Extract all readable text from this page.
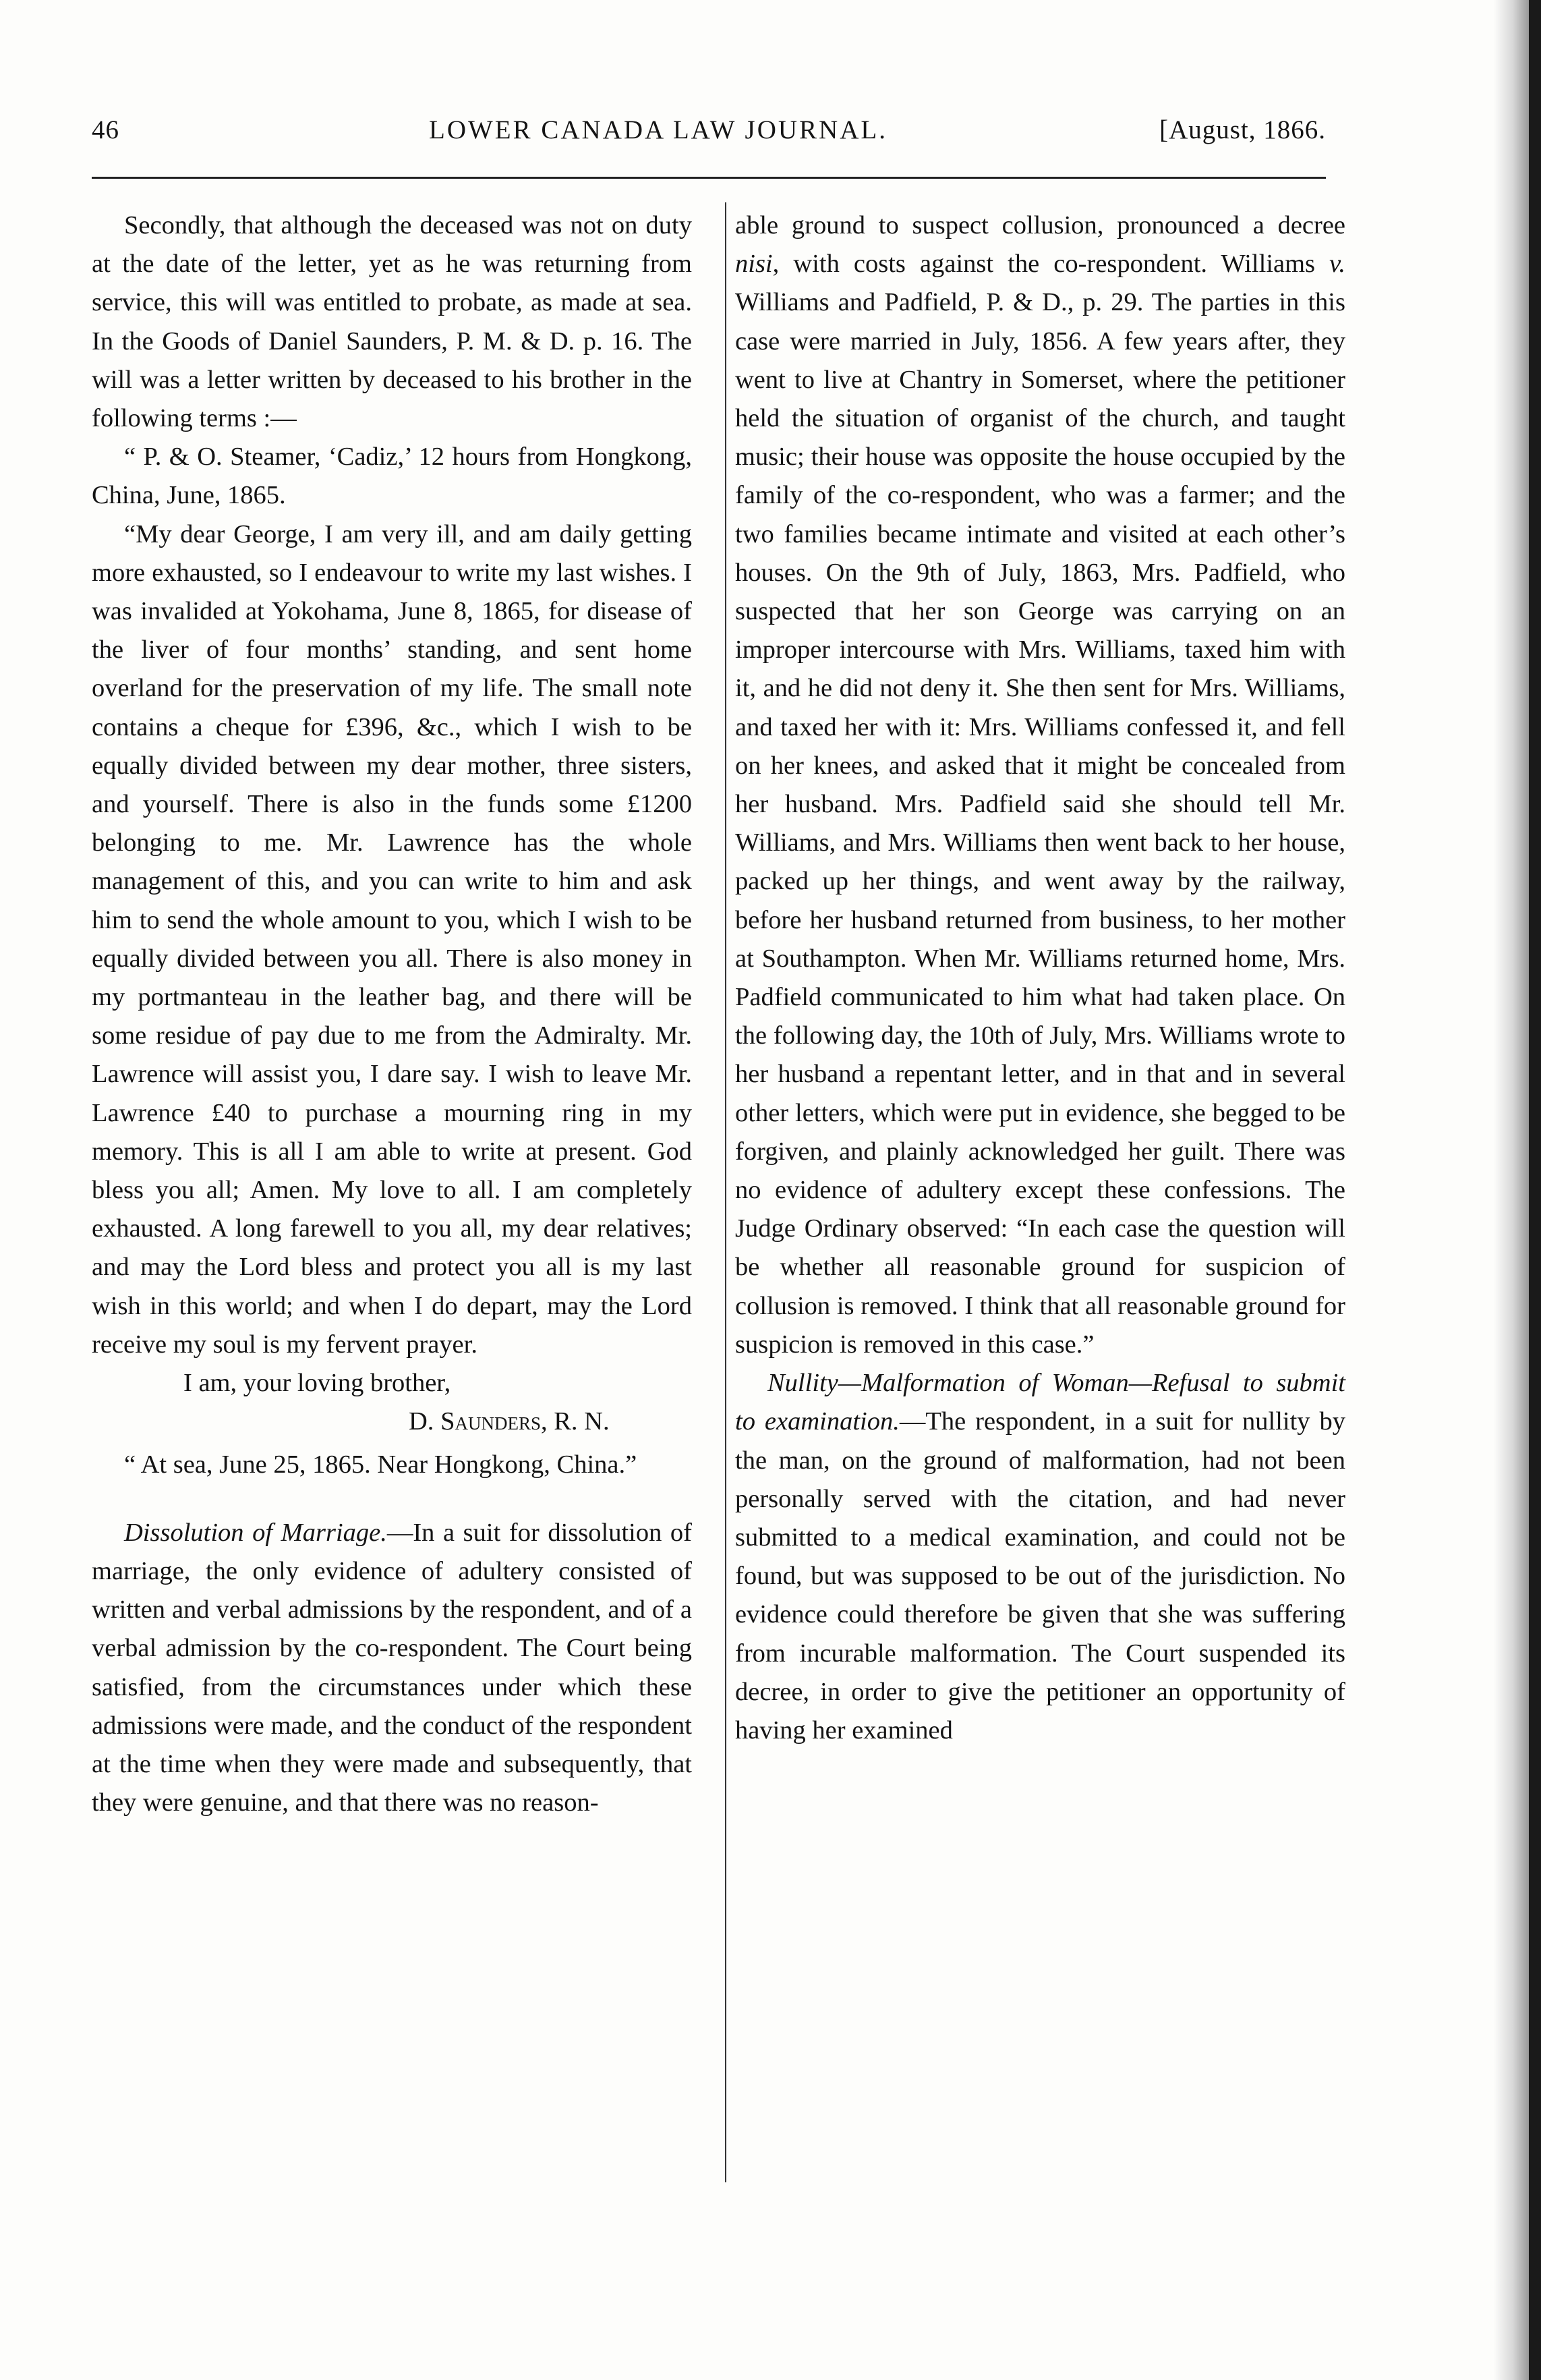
46	LOWER CANADA LAW JOURNAL.	[August, 1866.

Secondly, that although the deceased was not on duty at the date of the letter, yet as he was returning from service, this will was entitled to probate, as made at sea. In the Goods of Daniel Saunders, P. M. & D. p. 16. The will was a letter written by deceased to his brother in the following terms :—

“ P. & O. Steamer, ‘Cadiz,’ 12 hours from Hongkong, China, June, 1865.

“My dear George, I am very ill, and am daily getting more exhausted, so I endeavour to write my last wishes. I was invalided at Yokohama, June 8, 1865, for disease of the liver of four months’ standing, and sent home overland for the preservation of my life. The small note contains a cheque for £396, &c., which I wish to be equally divided between my dear mother, three sisters, and yourself. There is also in the funds some £1200 belonging to me. Mr. Lawrence has the whole management of this, and you can write to him and ask him to send the whole amount to you, which I wish to be equally divided between you all. There is also money in my portmanteau in the leather bag, and there will be some residue of pay due to me from the Admiralty. Mr. Lawrence will assist you, I dare say. I wish to leave Mr. Lawrence £40 to purchase a mourning ring in my memory. This is all I am able to write at present. God bless you all; Amen. My love to all. I am completely exhausted. A long farewell to you all, my dear relatives; and may the Lord bless and protect you all is my last wish in this world; and when I do depart, may the Lord receive my soul is my fervent prayer.

I am, your loving brother,

D. Saunders, R. N.

“ At sea, June 25, 1865. Near Hongkong, China.”

Dissolution of Marriage.—In a suit for dissolution of marriage, the only evidence of adultery consisted of written and verbal admissions by the respondent, and of a verbal admission by the co-respondent. The Court being satisfied, from the circumstances under which these admissions were made, and the conduct of the respondent at the time when they were made and subsequently, that they were genuine, and that there was no reason-

able ground to suspect collusion, pronounced a decree nisi, with costs against the co-respondent. Williams v. Williams and Padfield, P. & D., p. 29. The parties in this case were married in July, 1856. A few years after, they went to live at Chantry in Somerset, where the petitioner held the situation of organist of the church, and taught music; their house was opposite the house occupied by the family of the co-respondent, who was a farmer; and the two families became intimate and visited at each other’s houses. On the 9th of July, 1863, Mrs. Padfield, who suspected that her son George was carrying on an improper intercourse with Mrs. Williams, taxed him with it, and he did not deny it. She then sent for Mrs. Williams, and taxed her with it: Mrs. Williams confessed it, and fell on her knees, and asked that it might be concealed from her husband. Mrs. Padfield said she should tell Mr. Williams, and Mrs. Williams then went back to her house, packed up her things, and went away by the railway, before her husband returned from business, to her mother at Southampton. When Mr. Williams returned home, Mrs. Padfield communicated to him what had taken place. On the following day, the 10th of July, Mrs. Williams wrote to her husband a repentant letter, and in that and in several other letters, which were put in evidence, she begged to be forgiven, and plainly acknowledged her guilt. There was no evidence of adultery except these confessions. The Judge Ordinary observed: “In each case the question will be whether all reasonable ground for suspicion of collusion is removed. I think that all reasonable ground for suspicion is removed in this case.”

Nullity—Malformation of Woman—Refusal to submit to examination.—The respondent, in a suit for nullity by the man, on the ground of malformation, had not been personally served with the citation, and had never submitted to a medical examination, and could not be found, but was supposed to be out of the jurisdiction. No evidence could therefore be given that she was suffering from incurable malformation. The Court suspended its decree, in order to give the petitioner an opportunity of having her examined
